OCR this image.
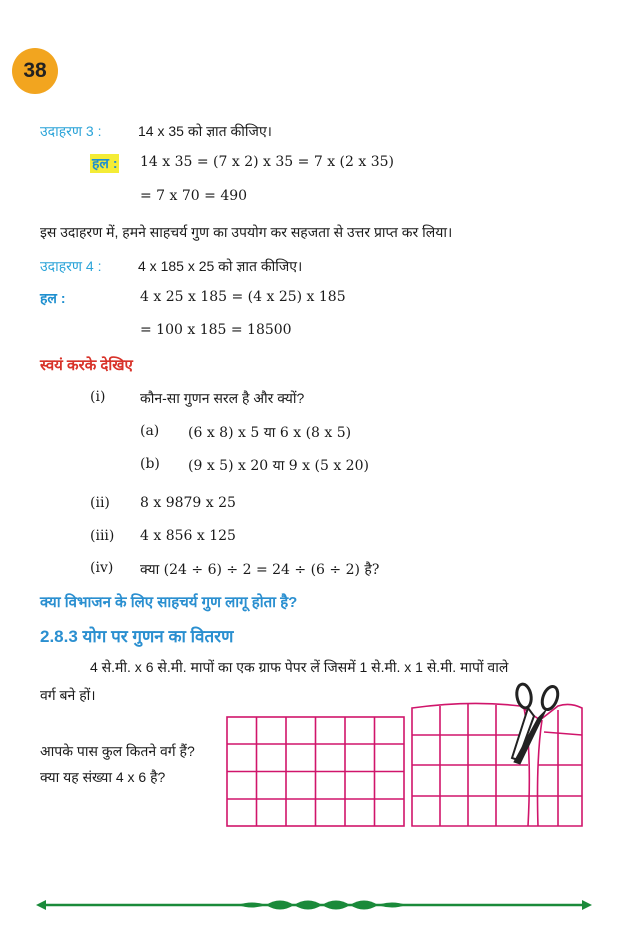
38
उदाहरण 3 :	14 x 35 को ज्ञात कीजिए।
हल : 14 x 35 = (7 x 2) x 35 = 7 x (2 x 35)
= 7 x 70 = 490
इस उदाहरण में, हमने साहचर्य गुण का उपयोग कर सहजता से उत्तर प्राप्त कर लिया।
उदाहरण 4 :	4 x 185 x 25 को ज्ञात कीजिए।
हल :	4 x 25 x 185 = (4 x 25) x 185
= 100 x 185 = 18500
स्वयं करके देखिए
(i) कौन-सा गुणन सरल है और क्यों?
(a) (6 x 8) x 5 या 6 x (8 x 5)
(b) (9 x 5) x 20 या 9 x (5 x 20)
(ii) 8 x 9879 x 25
(iii) 4 x 856 x 125
(iv) क्या (24 ÷ 6) ÷ 2 = 24 ÷ (6 ÷ 2) है?
क्या विभाजन के लिए साहचर्य गुण लागू होता है?
2.8.3 योग पर गुणन का वितरण
4 से.मी. x 6 से.मी. मापों का एक ग्राफ पेपर लें जिसमें 1 से.मी. x 1 से.मी. मापों वाले
वर्ग बने हों।
आपके पास कुल कितने वर्ग हैं?
क्या यह संख्या 4 x 6 है?
